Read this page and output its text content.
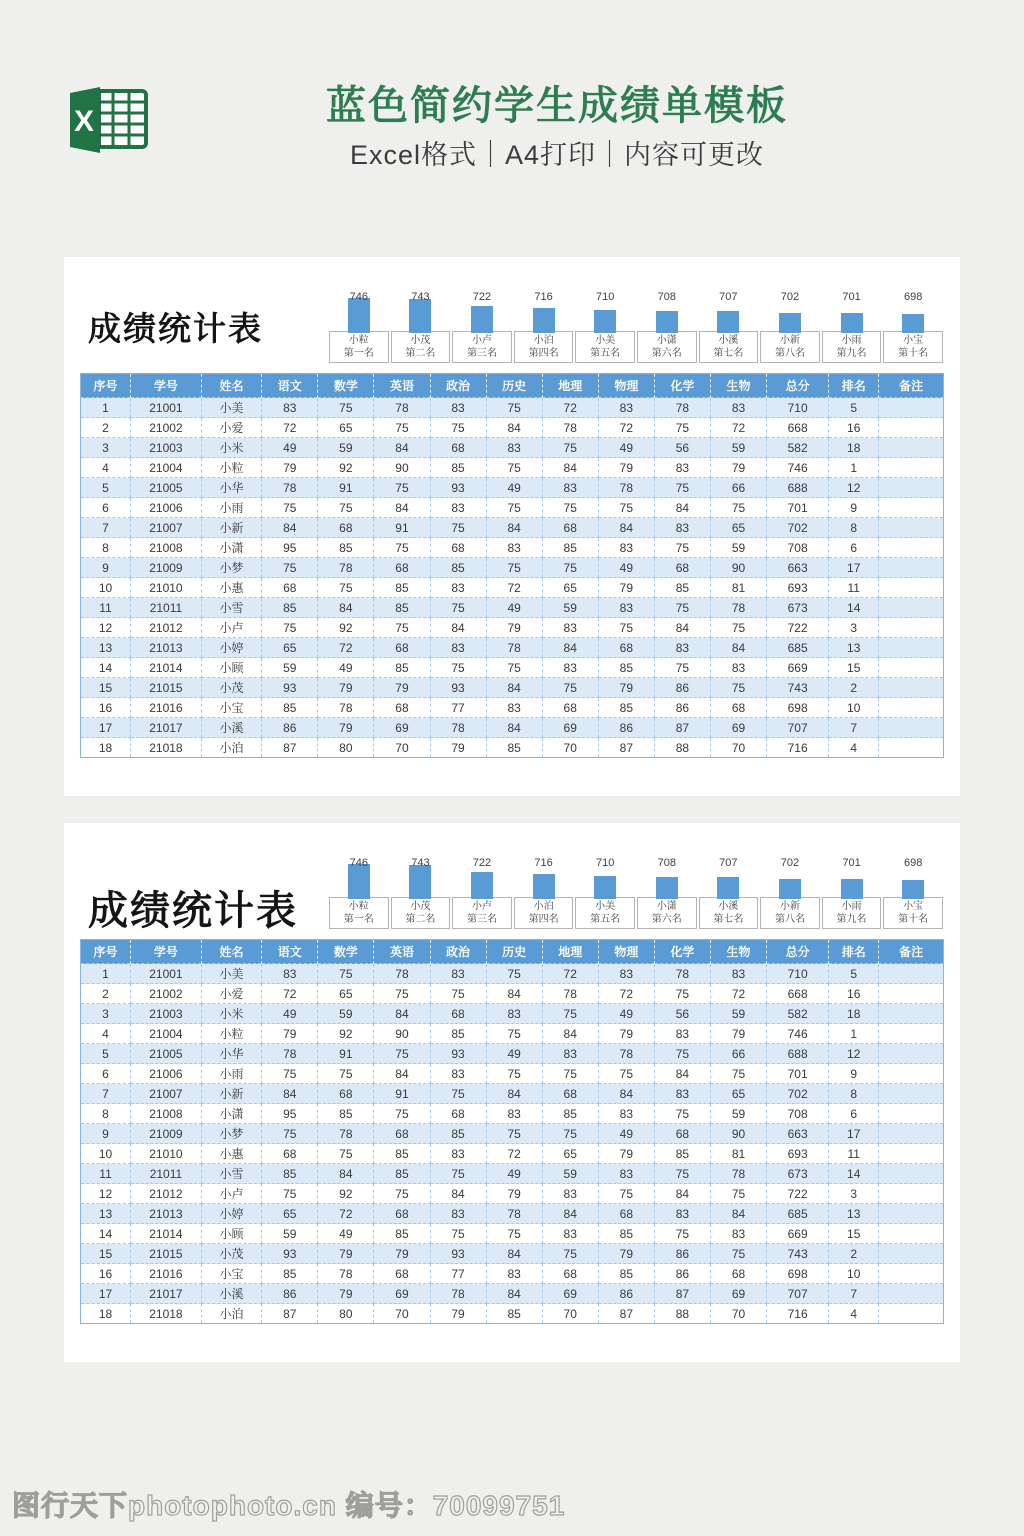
X	蓝色简约学生成绩单模板

Excel格式｜A4打印｜内容可更改

成绩统计表
746
小粒
第一名
743
小茂
第二名
722
小卢
第三名
716
小泊
第四名
710
小美
第五名
708
小潇
第六名
707
小溪
第七名
702
小新
第八名
701
小雨
第九名
698
小宝
第十名
序号	学号	姓名	语文	数学	英语	政治	历史	地理	物理	化学	生物	总分	排名	备注
1	21001	小美	83	75	78	83	75	72	83	78	83	710	5	
2	21002	小爱	72	65	75	75	84	78	72	75	72	668	16	
3	21003	小米	49	59	84	68	83	75	49	56	59	582	18	
4	21004	小粒	79	92	90	85	75	84	79	83	79	746	1	
5	21005	小华	78	91	75	93	49	83	78	75	66	688	12	
6	21006	小雨	75	75	84	83	75	75	75	84	75	701	9	
7	21007	小新	84	68	91	75	84	68	84	83	65	702	8	
8	21008	小潇	95	85	75	68	83	85	83	75	59	708	6	
9	21009	小梦	75	78	68	85	75	75	49	68	90	663	17	
10	21010	小惠	68	75	85	83	72	65	79	85	81	693	11	
11	21011	小雪	85	84	85	75	49	59	83	75	78	673	14	
12	21012	小卢	75	92	75	84	79	83	75	84	75	722	3	
13	21013	小婷	65	72	68	83	78	84	68	83	84	685	13	
14	21014	小顾	59	49	85	75	75	83	85	75	83	669	15	
15	21015	小茂	93	79	79	93	84	75	79	86	75	743	2	
16	21016	小宝	85	78	68	77	83	68	85	86	68	698	10	
17	21017	小溪	86	79	69	78	84	69	86	87	69	707	7	
18	21018	小泊	87	80	70	79	85	70	87	88	70	716	4	
成绩统计表
746
小粒
第一名
743
小茂
第二名
722
小卢
第三名
716
小泊
第四名
710
小美
第五名
708
小潇
第六名
707
小溪
第七名
702
小新
第八名
701
小雨
第九名
698
小宝
第十名
序号	学号	姓名	语文	数学	英语	政治	历史	地理	物理	化学	生物	总分	排名	备注
1	21001	小美	83	75	78	83	75	72	83	78	83	710	5	
2	21002	小爱	72	65	75	75	84	78	72	75	72	668	16	
3	21003	小米	49	59	84	68	83	75	49	56	59	582	18	
4	21004	小粒	79	92	90	85	75	84	79	83	79	746	1	
5	21005	小华	78	91	75	93	49	83	78	75	66	688	12	
6	21006	小雨	75	75	84	83	75	75	75	84	75	701	9	
7	21007	小新	84	68	91	75	84	68	84	83	65	702	8	
8	21008	小潇	95	85	75	68	83	85	83	75	59	708	6	
9	21009	小梦	75	78	68	85	75	75	49	68	90	663	17	
10	21010	小惠	68	75	85	83	72	65	79	85	81	693	11	
11	21011	小雪	85	84	85	75	49	59	83	75	78	673	14	
12	21012	小卢	75	92	75	84	79	83	75	84	75	722	3	
13	21013	小婷	65	72	68	83	78	84	68	83	84	685	13	
14	21014	小顾	59	49	85	75	75	83	85	75	83	669	15	
15	21015	小茂	93	79	79	93	84	75	79	86	75	743	2	
16	21016	小宝	85	78	68	77	83	68	85	86	68	698	10	
17	21017	小溪	86	79	69	78	84	69	86	87	69	707	7	
18	21018	小泊	87	80	70	79	85	70	87	88	70	716	4	
图行天下photophoto.cn 编号：70099751
